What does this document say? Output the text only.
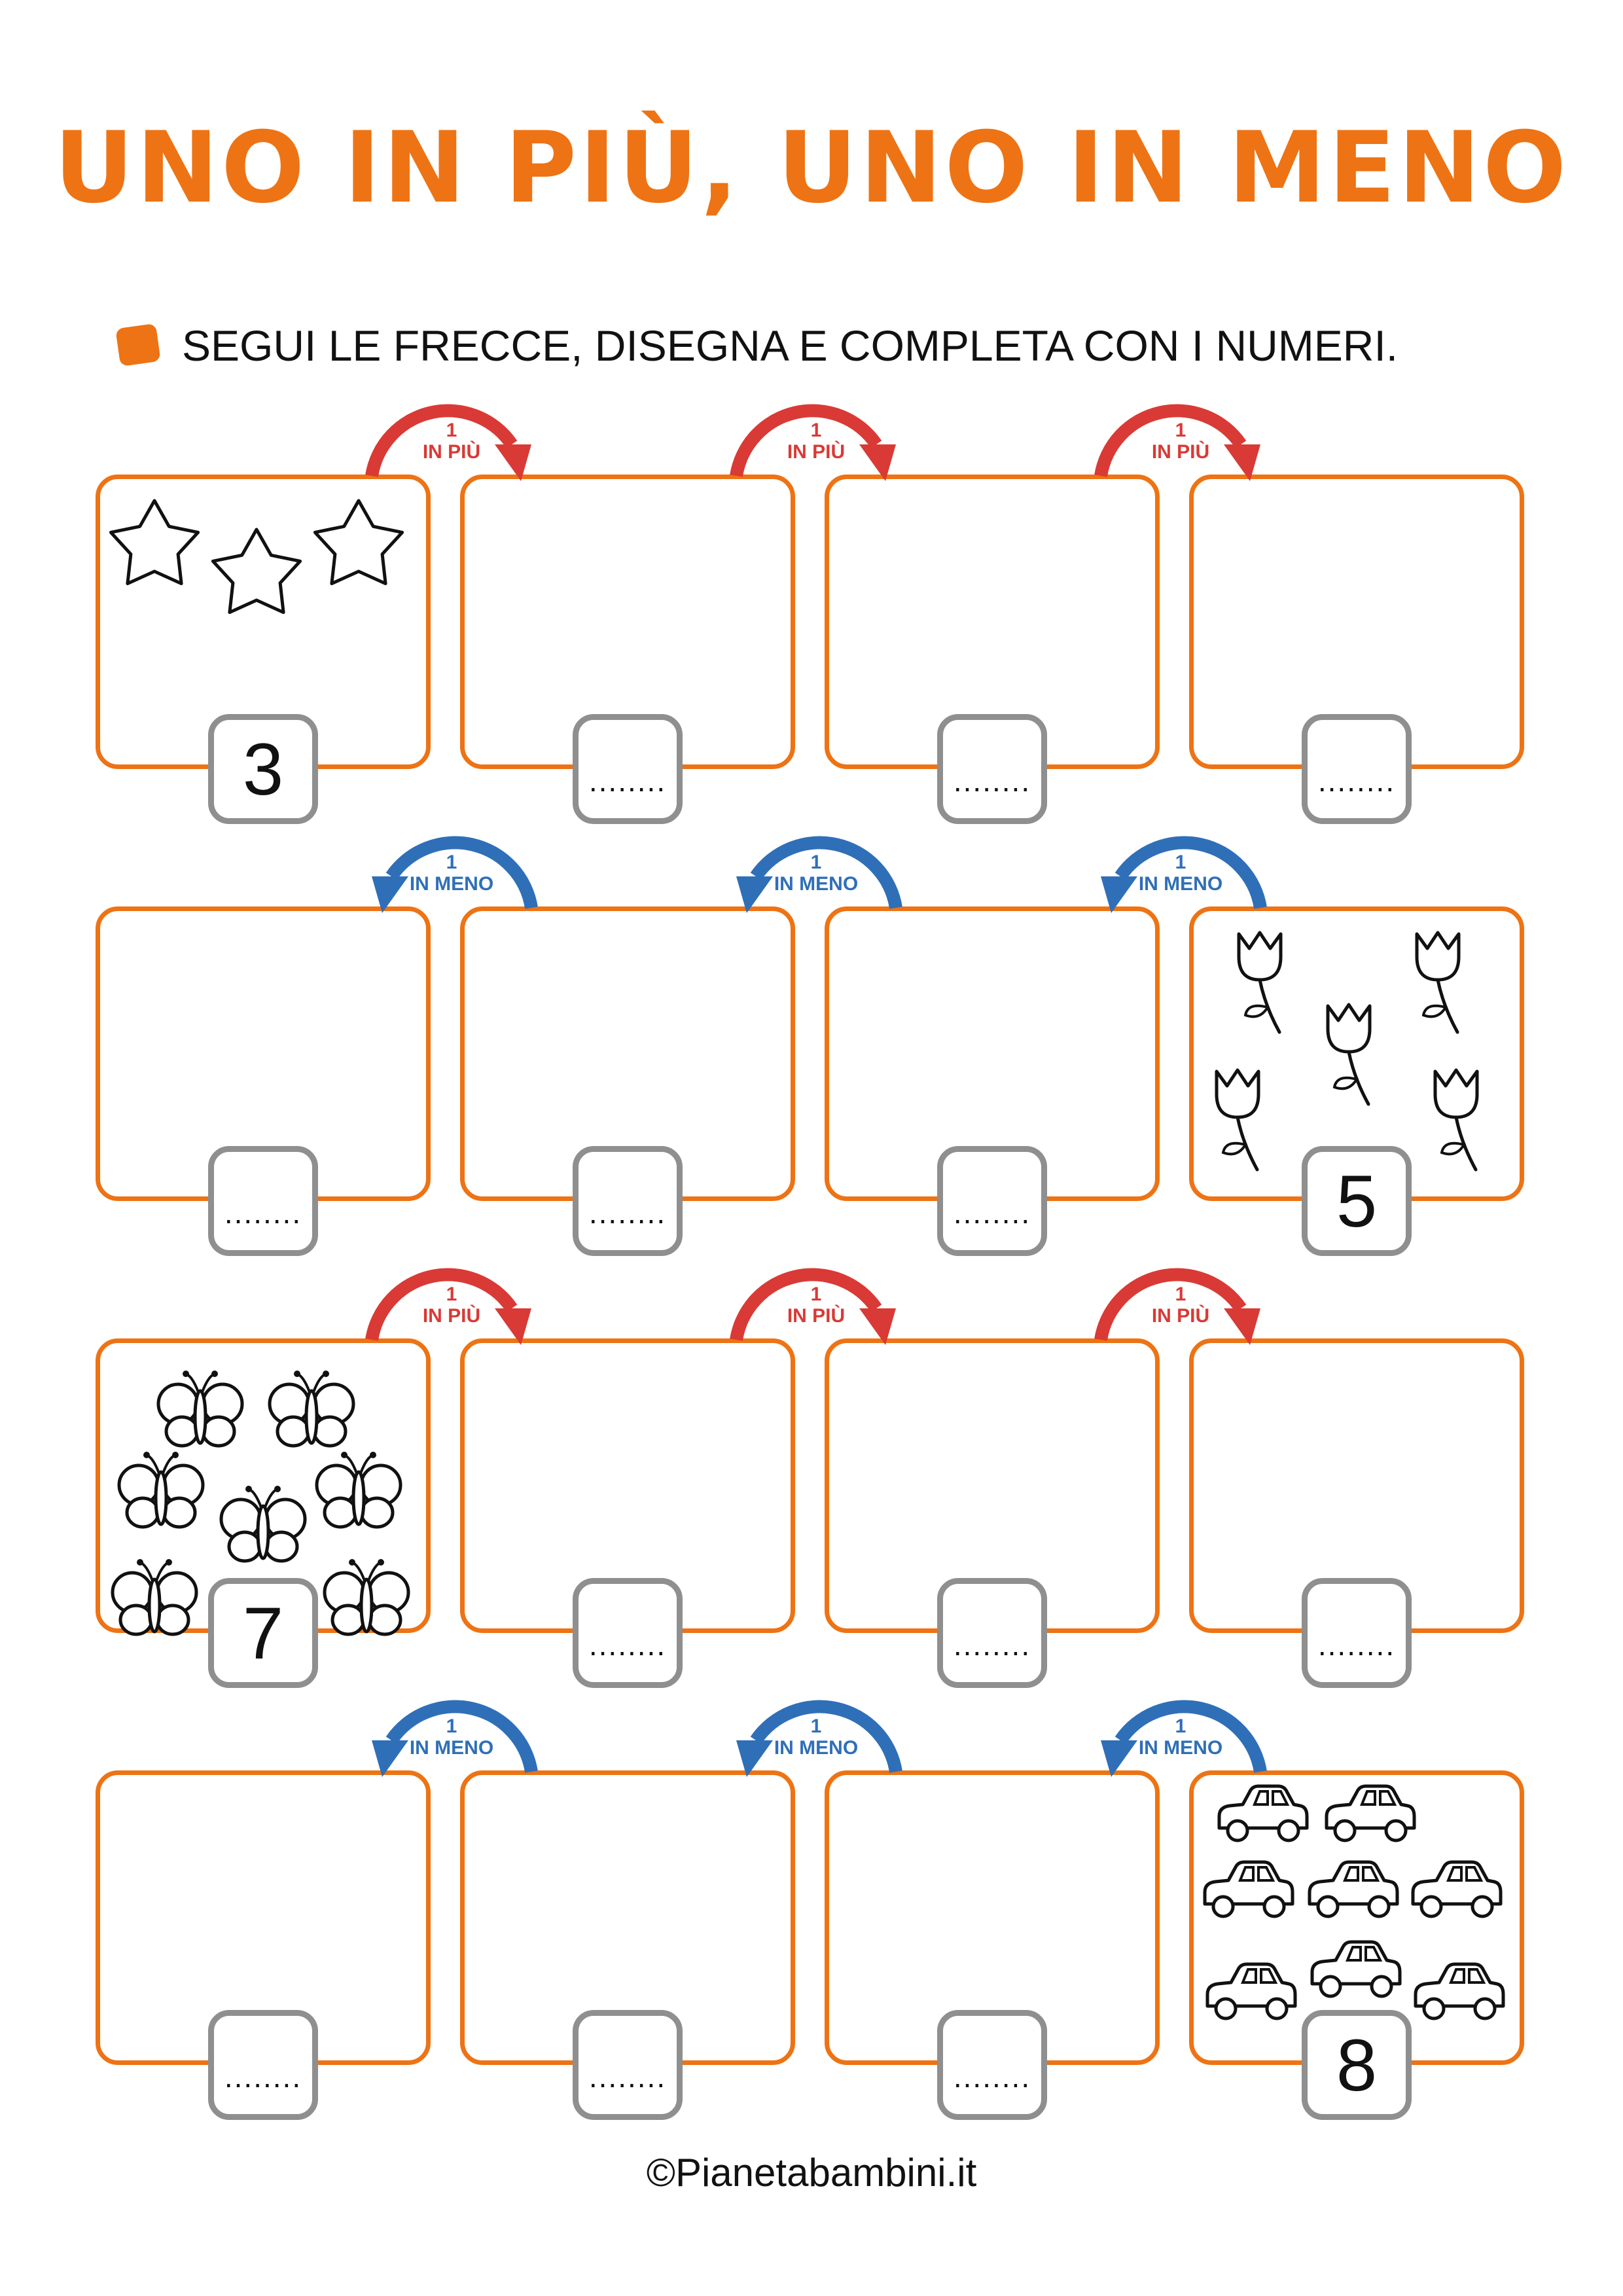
UNO IN PIÙ, UNO IN MENO
SEGUI LE FRECCE, DISEGNA E COMPLETA CON I NUMERI.
3	........	........	........
1
IN PIÙ
1
IN PIÙ
1
IN PIÙ
........	........	........	5
1
IN MENO
1
IN MENO
1
IN MENO
7	........	........	........
1
IN PIÙ
1
IN PIÙ
1
IN PIÙ
........	........	........	8
1
IN MENO
1
IN MENO
1
IN MENO
©Pianetabambini.it
